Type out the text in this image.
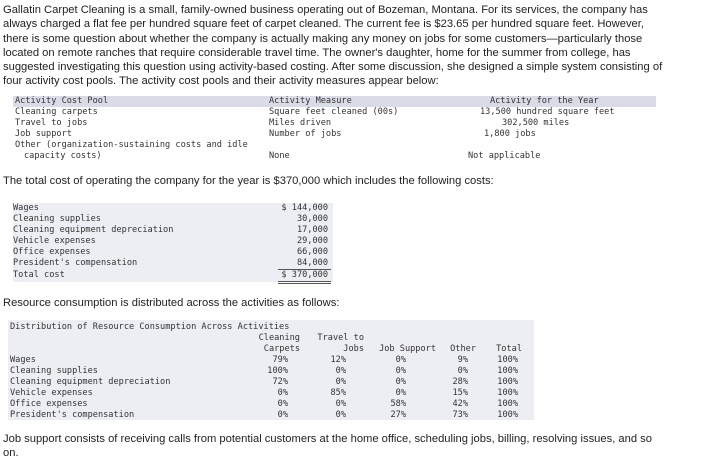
Gallatin Carpet Cleaning is a small, family-owned business operating out of Bozeman, Montana. For its services, the company has

always charged a flat fee per hundred square feet of carpet cleaned. The current fee is $23.65 per hundred square feet. However,

there is some question about whether the company is actually making any money on jobs for some customers—particularly those

located on remote ranches that require considerable travel time. The owner's daughter, home for the summer from college, has

suggested investigating this question using activity-based costing. After some discussion, she designed a simple system consisting of

four activity cost pools. The activity cost pools and their activity measures appear below:

Activity Cost Pool	Activity Measure	Activity for the Year
Cleaning carpets	Square feet cleaned (00s)	13,500 hundred square feet
Travel to jobs	Miles driven	302,500 miles
Job support	Number of jobs	1,800 jobs
Other (organization-sustaining costs and idle
capacity costs)	None	Not applicable
The total cost of operating the company for the year is $370,000 which includes the following costs:
Wages	$ 144,000
Cleaning supplies	30,000
Cleaning equipment depreciation	17,000
Vehicle expenses	29,000
Office expenses	66,000
President's compensation	84,000
Total cost	$ 370,000
Resource consumption is distributed across the activities as follows:
Distribution of Resource Consumption Across Activities
Cleaning
Carpets
Travel to
Jobs	Job Support	Other	Total
Wages	79%	12%	0%	9%	100%
Cleaning supplies	100%	0%	0%	0%	100%
Cleaning equipment depreciation	72%	0%	0%	28%	100%
Vehicle expenses	0%	85%	0%	15%	100%
Office expenses	0%	0%	58%	42%	100%
President's compensation	0%	0%	27%	73%	100%
Job support consists of receiving calls from potential customers at the home office, scheduling jobs, billing, resolving issues, and so
on.
